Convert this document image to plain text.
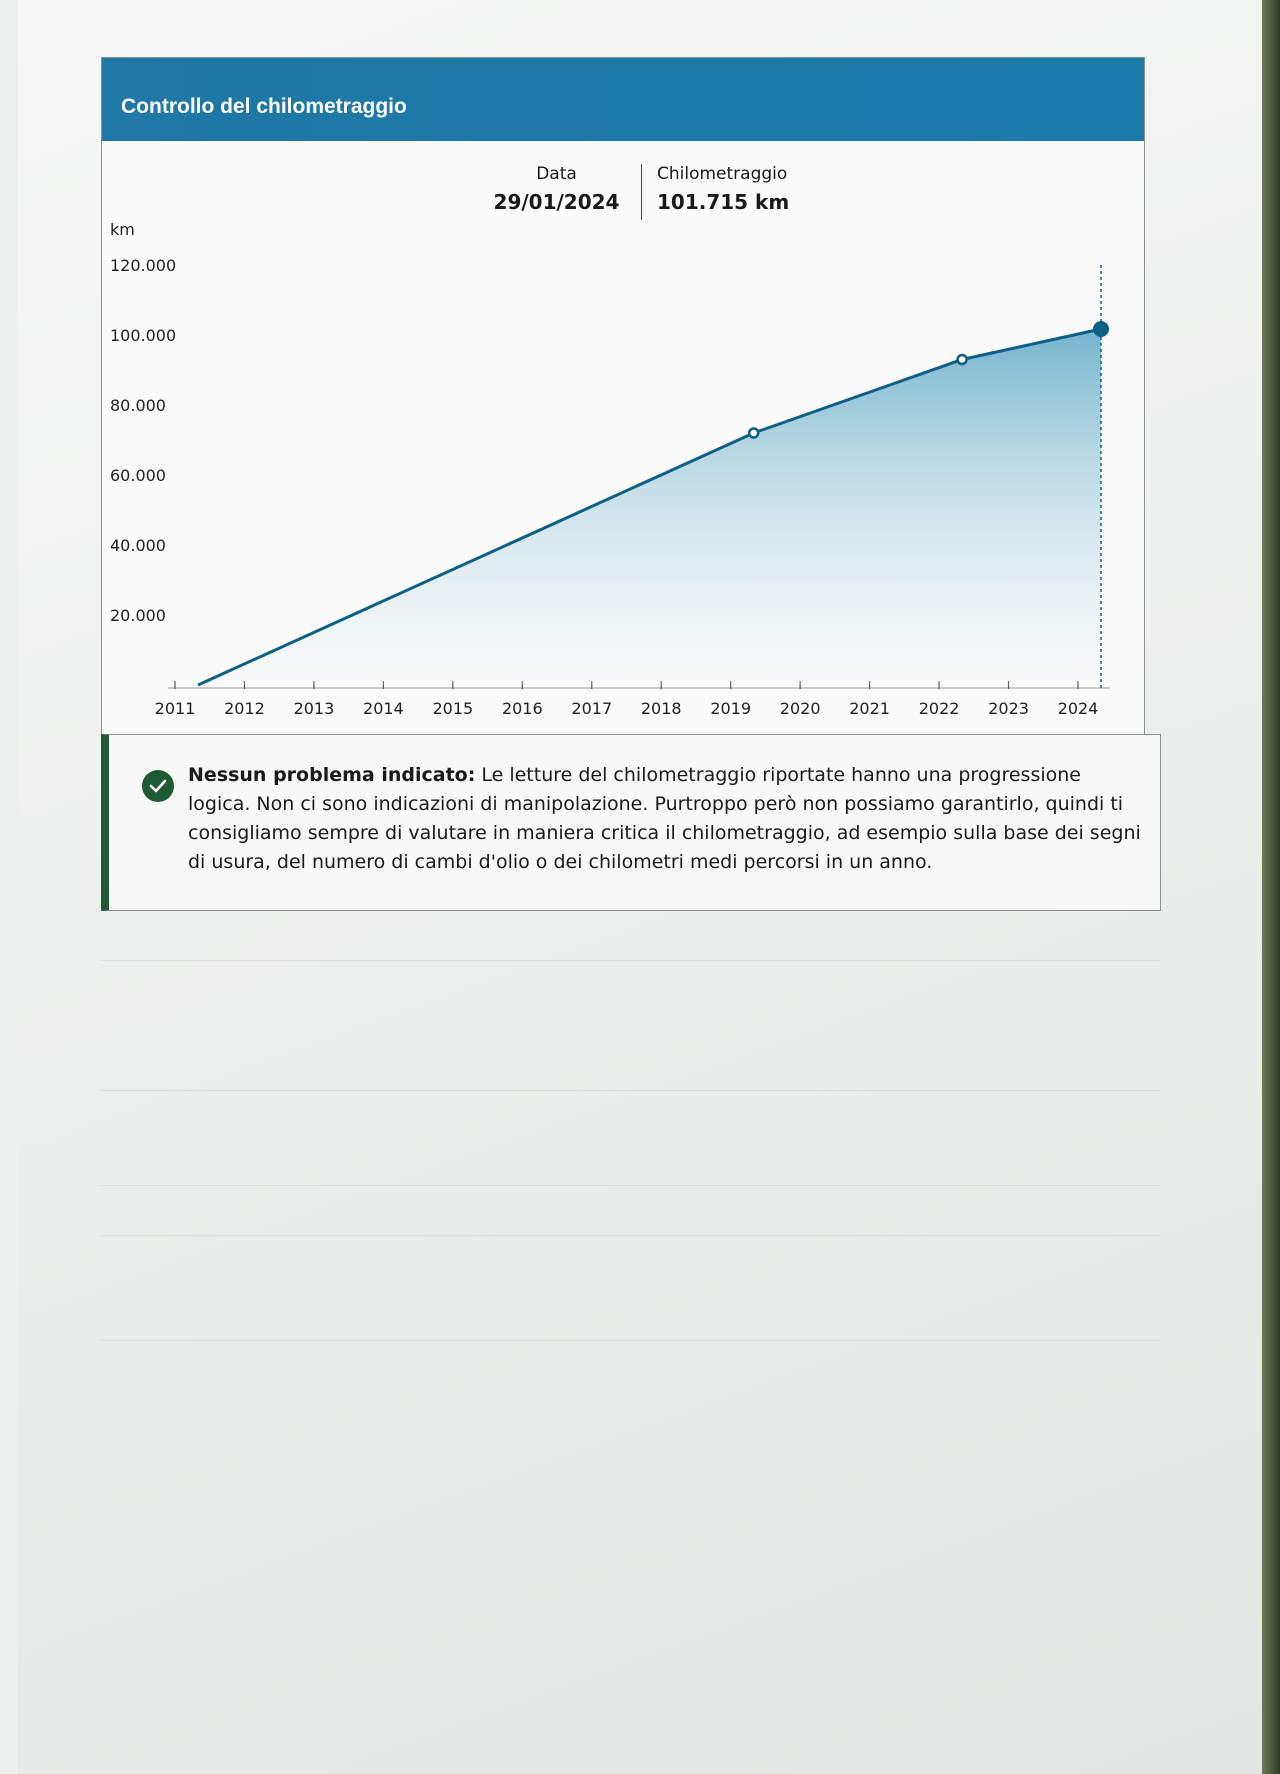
Controllo del chilometraggio
Data
29/01/2024
Chilometraggio
101.715 km
km
120.000
100.000
80.000
60.000
40.000
20.000
2011 2012 2013 2014 2015 2016 2017 2018 2019 2020 2021 2022 2023 2024
Nessun problema indicato: Le letture del chilometraggio riportate hanno una progressione logica. Non ci sono indicazioni di manipolazione. Purtroppo però non possiamo garantirlo, quindi ti consigliamo sempre di valutare in maniera critica il chilometraggio, ad esempio sulla base dei segni di usura, del numero di cambi d'olio o dei chilometri medi percorsi in un anno.
